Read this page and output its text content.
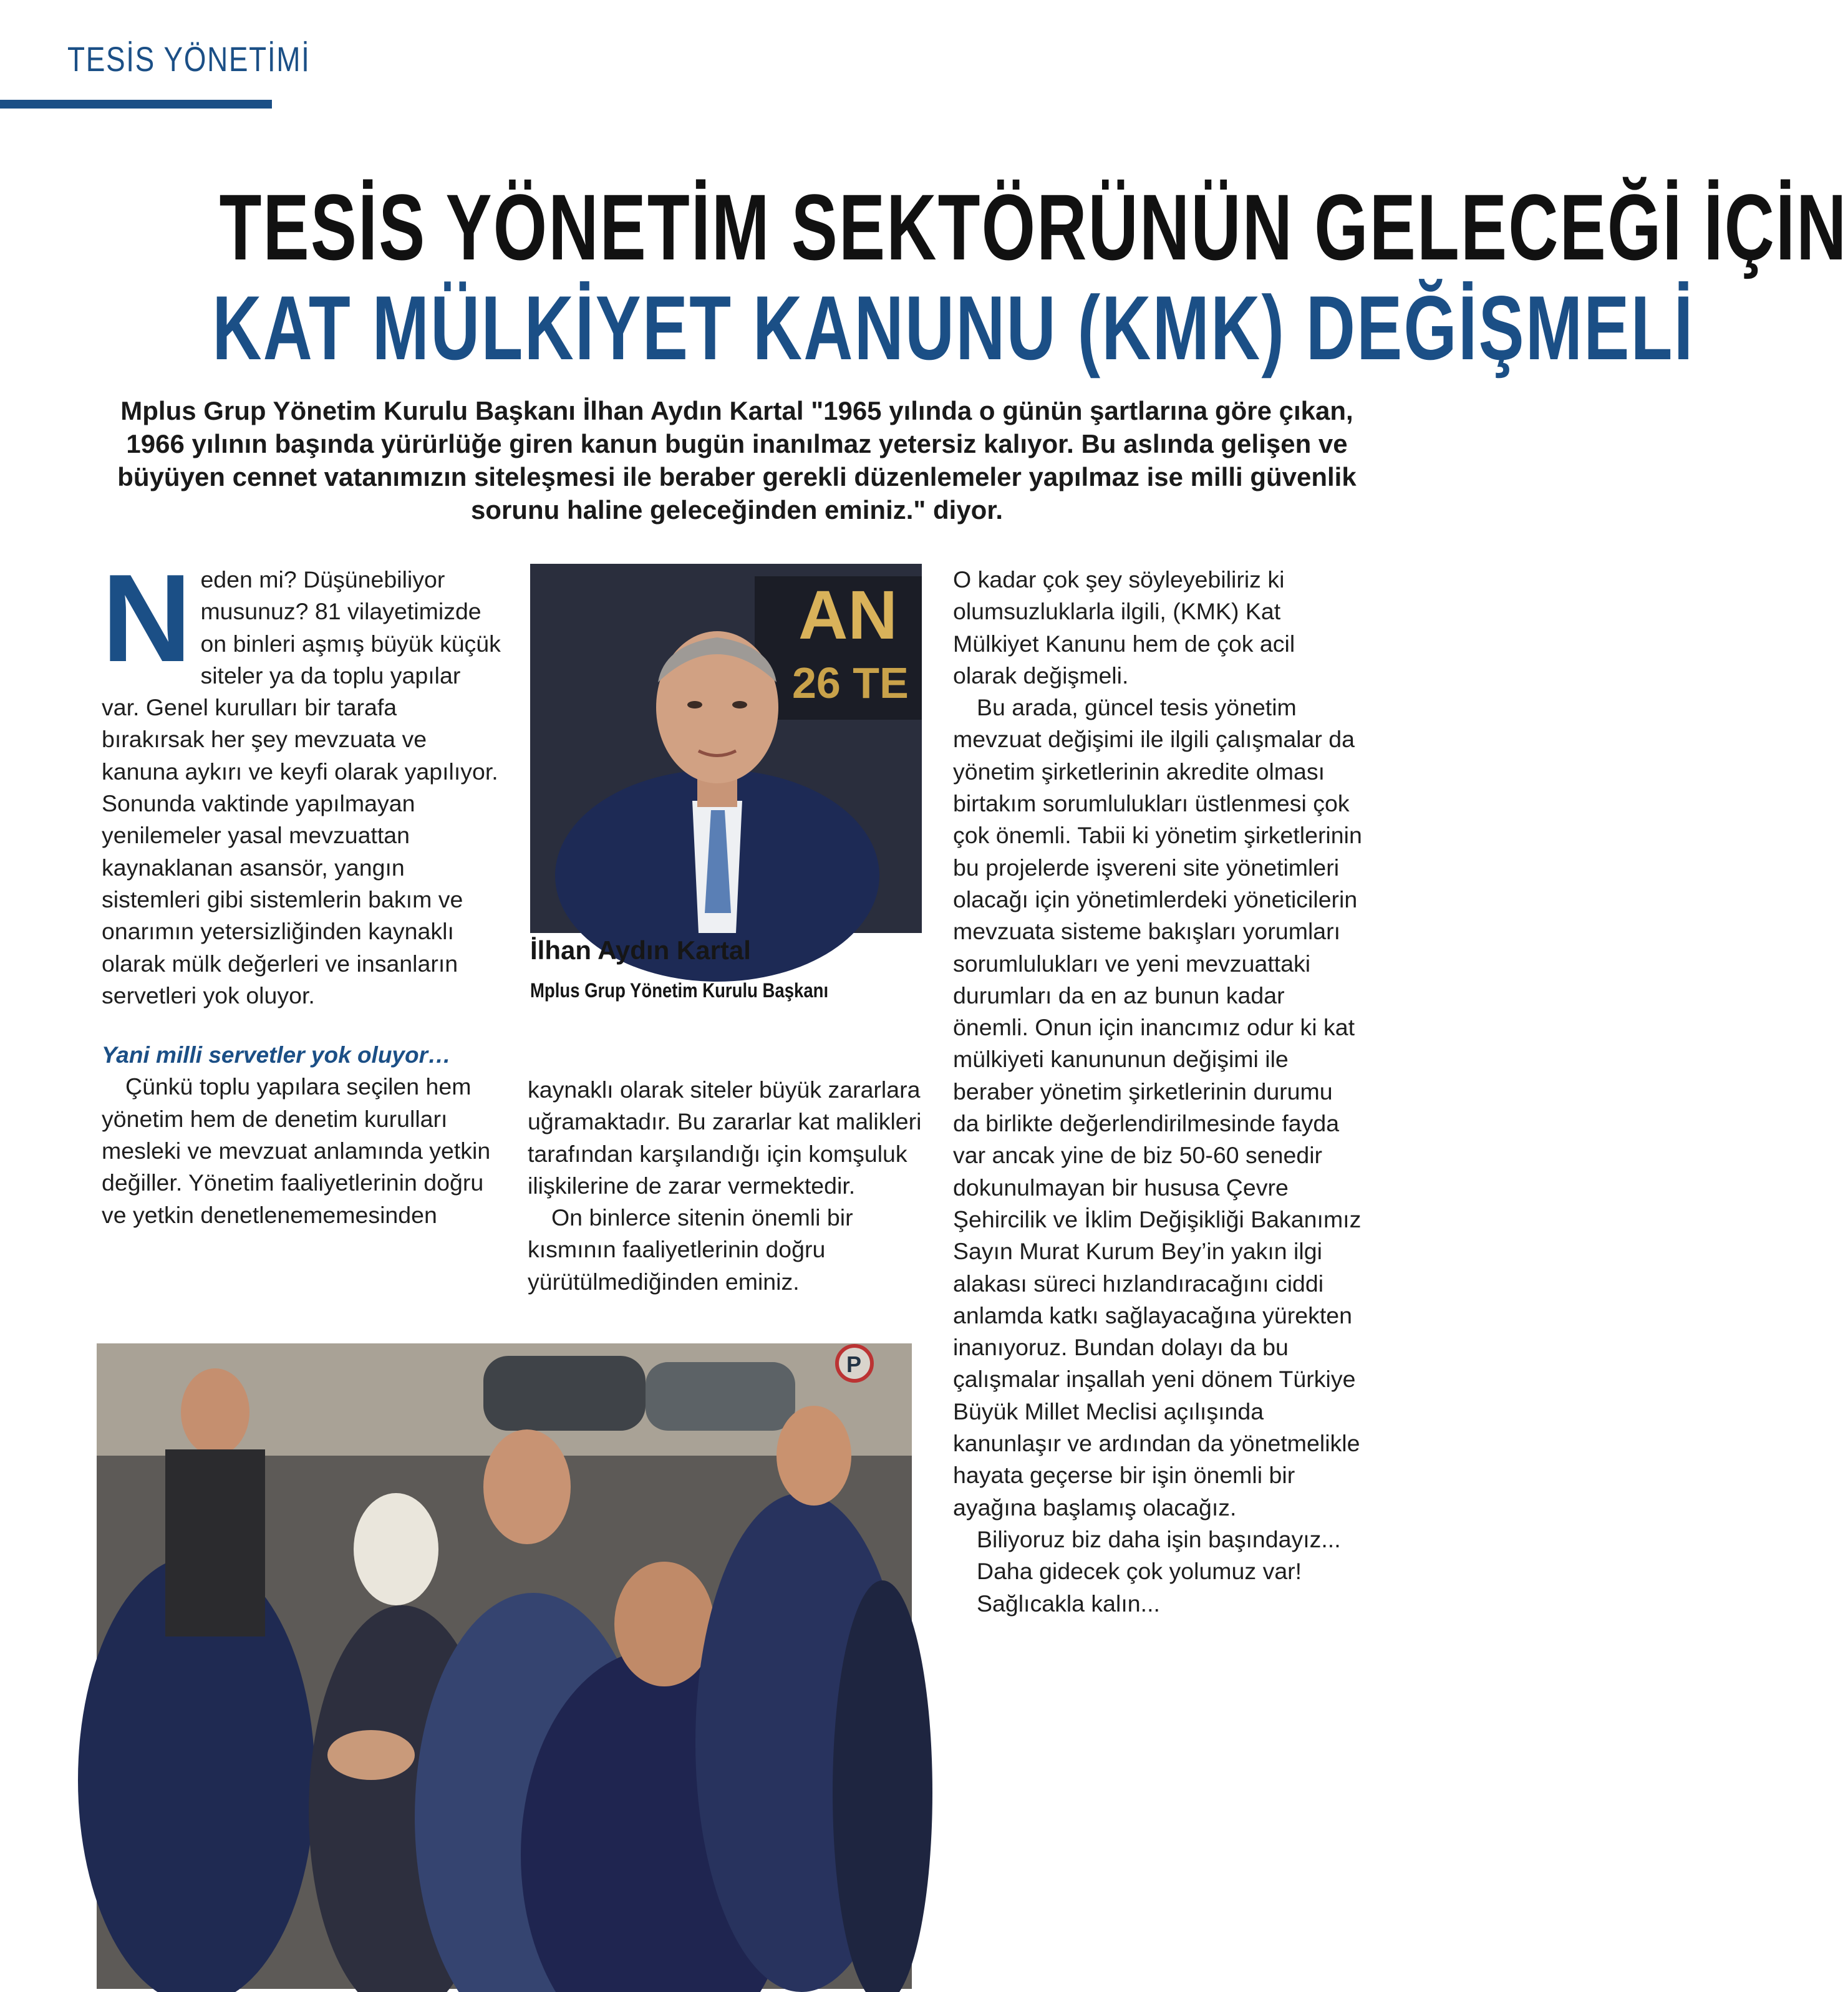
TESİS YÖNETİMİ
TESİS YÖNETİM SEKTÖRÜNÜN GELECEĞİ İÇİN
KAT MÜLKİYET KANUNU (KMK) DEĞİŞMELİ
Mplus Grup Yönetim Kurulu Başkanı İlhan Aydın Kartal "1965 yılında o günün şartlarına göre çıkan, 1966 yılının başında yürürlüğe giren kanun bugün inanılmaz yetersiz kalıyor. Bu aslında gelişen ve büyüyen cennet vatanımızın siteleşmesi ile beraber gerekli düzenlemeler yapılmaz ise milli güvenlik sorunu haline geleceğinden eminiz." diyor.

Neden mi? Düşünebiliyor musunuz? 81 vilayetimizde on binleri aşmış büyük küçük siteler ya da toplu yapılar var. Genel kurulları bir tarafa bırakırsak her şey mevzuata ve kanuna aykırı ve keyfi olarak yapılıyor. Sonunda vaktinde yapılmayan yenilemeler yasal mevzuattan kaynaklanan asansör, yangın sistemleri gibi sistemlerin bakım ve onarımın yetersizliğinden kaynaklı olarak mülk değerleri ve insanların servetleri yok oluyor.

Yani milli servetler yok oluyor…

Çünkü toplu yapılara seçilen hem yönetim hem de denetim kurulları mesleki ve mevzuat anlamında yetkin değiller. Yönetim faaliyetlerinin doğru ve yetkin denetlenememesinden

AN
26 TE
İlhan Aydın Kartal
Mplus Grup Yönetim Kurulu Başkanı

kaynaklı olarak siteler büyük zararlara uğramaktadır. Bu zararlar kat malikleri tarafından karşılandığı için komşuluk ilişkilerine de zarar vermektedir.

On binlerce sitenin önemli bir kısmının faaliyetlerinin doğru yürütülmediğinden eminiz.

O kadar çok şey söyleyebiliriz ki olumsuzluklarla ilgili, (KMK) Kat Mülkiyet Kanunu hem de çok acil olarak değişmeli.

Bu arada, güncel tesis yönetim mevzuat değişimi ile ilgili çalışmalar da yönetim şirketlerinin akredite olması birtakım sorumlulukları üstlenmesi çok çok önemli. Tabii ki yönetim şirketlerinin bu projelerde işvereni site yönetimleri olacağı için yönetimlerdeki yöneticilerin mevzuata sisteme bakışları yorumları sorumlulukları ve yeni mevzuattaki durumları da en az bunun kadar önemli. Onun için inancımız odur ki kat mülkiyeti kanununun değişimi ile beraber yönetim şirketlerinin durumu da birlikte değerlendirilmesinde fayda var ancak yine de biz 50-60 senedir dokunulmayan bir hususa Çevre Şehircilik ve İklim Değişikliği Bakanımız Sayın Murat Kurum Bey’in yakın ilgi alakası süreci hızlandıracağını ciddi anlamda katkı sağlayacağına yürekten inanıyoruz. Bundan dolayı da bu çalışmalar inşallah yeni dönem Türkiye Büyük Millet Meclisi açılışında kanunlaşır ve ardından da yönetmelikle hayata geçerse bir işin önemli bir ayağına başlamış olacağız.

Biliyoruz biz daha işin başındayız...

Daha gidecek çok yolumuz var!

Sağlıcakla kalın...

P
